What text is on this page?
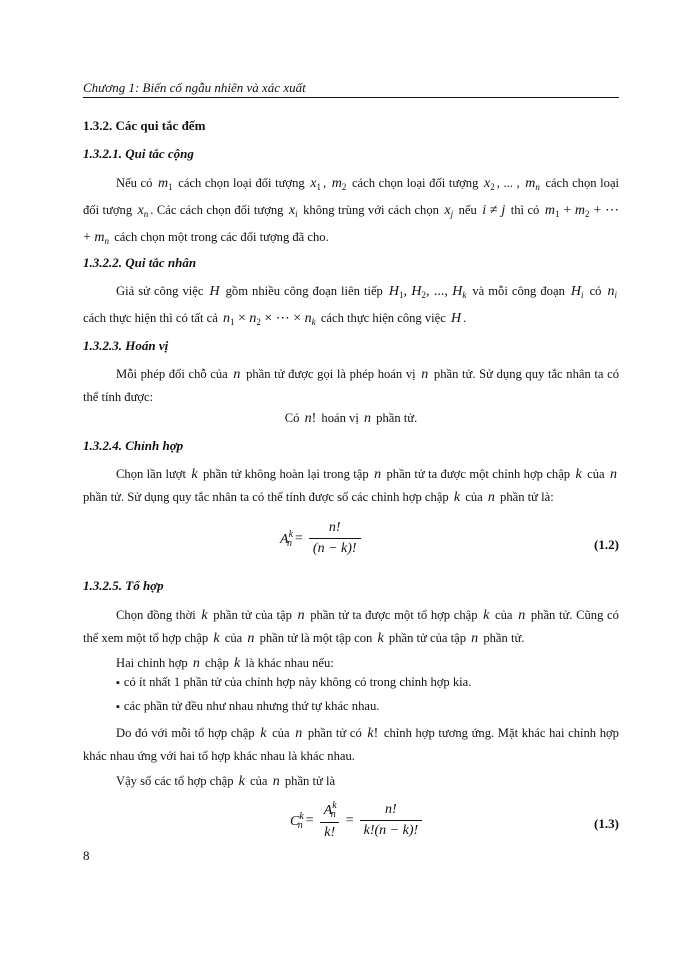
Chương 1: Biến cố ngẫu nhiên và xác xuất
1.3.2. Các qui tắc đếm
1.3.2.1. Qui tắc cộng
Nếu có $m_1$ cách chọn loại đối tượng $x_1$ , $m_2$ cách chọn loại đối tượng $x_2$ , ... , $m_n$ cách chọn loại đối tượng $x_n$ . Các cách chọn đối tượng $x_i$ không trùng với cách chọn $x_j$ nếu i ≠ j thì có $m_1 + m_2$ + ⋯ + $m_n$ cách chọn một trong các đối tượng đã cho.
1.3.2.2. Qui tắc nhân
Giả sử công việc H gồm nhiều công đoạn liên tiếp $H_1$, $H_2$, ..., $H_k$ và mỗi công đoạn $H_i$ có $n_i$ cách thực hiện thì có tất cả $n_1 \times n_2$ × ⋯ × $n_k$ cách thực hiện công việc H .
1.3.2.3. Hoán vị
Mỗi phép đổi chỗ của n phần tử được gọi là phép hoán vị n phần tử. Sử dụng quy tắc nhân ta có thể tính được:
Có n! hoán vị n phần tử.
1.3.2.4. Chỉnh hợp
Chọn lần lượt k phần tử không hoàn lại trong tập n phần tử ta được một chỉnh hợp chập k của n phần tử. Sử dụng quy tắc nhân ta có thể tính được số các chỉnh hợp chập k của n phần tử là:
$A^k_n = \frac{n!}{(n - k)!}$	(1.2)
1.3.2.5. Tổ hợp
Chọn đồng thời k phần tử của tập n phần tử ta được một tổ hợp chập k của n phần tử. Cũng có thể xem một tổ hợp chập k của n phần tử là một tập con k phần tử của tập n phần tử.
Hai chỉnh hợp n chập k là khác nhau nếu:
▪ có ít nhất 1 phần tử của chỉnh hợp này không có trong chỉnh hợp kia.
▪ các phần tử đều như nhau nhưng thứ tự khác nhau.
Do đó với mỗi tổ hợp chập k của n phần tử có k! chỉnh hợp tương ứng. Mặt khác hai chỉnh hợp khác nhau ứng với hai tổ hợp khác nhau là khác nhau.
Vậy số các tổ hợp chập k của n phần tử là
$C^k_n = \frac{A^k_n}{k!} = \frac{n!}{k!(n - k)!}$	(1.3)
8
